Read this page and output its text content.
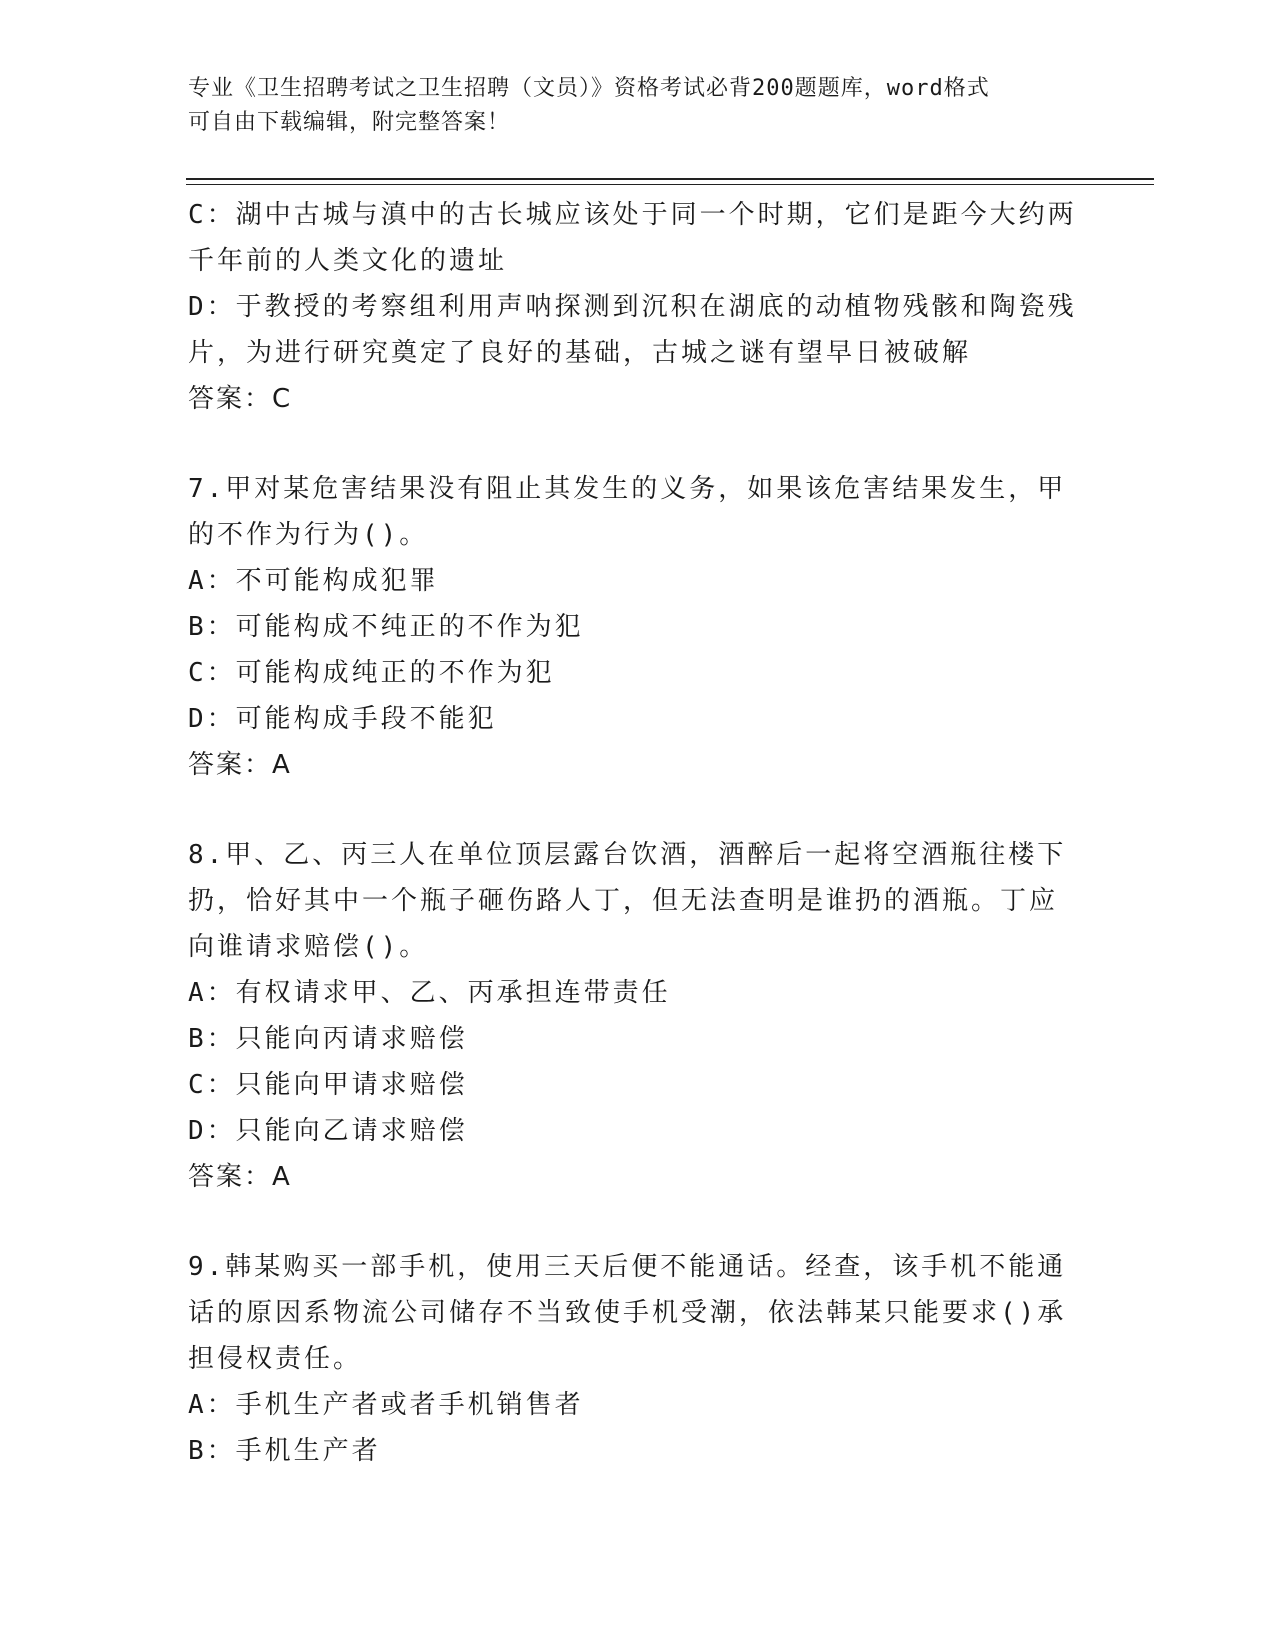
专业《卫生招聘考试之卫生招聘（文员）》资格考试必背200题题库，word格式
可自由下载编辑，附完整答案！
C：湖中古城与滇中的古长城应该处于同一个时期，它们是距今大约两
千年前的人类文化的遗址
D：于教授的考察组利用声呐探测到沉积在湖底的动植物残骸和陶瓷残
片，为进行研究奠定了良好的基础，古城之谜有望早日被破解
答案：C
7.甲对某危害结果没有阻止其发生的义务，如果该危害结果发生，甲
的不作为行为()。
A：不可能构成犯罪
B：可能构成不纯正的不作为犯
C：可能构成纯正的不作为犯
D：可能构成手段不能犯
答案：A
8.甲、乙、丙三人在单位顶层露台饮酒，酒醉后一起将空酒瓶往楼下
扔，恰好其中一个瓶子砸伤路人丁，但无法查明是谁扔的酒瓶。丁应
向谁请求赔偿()。
A：有权请求甲、乙、丙承担连带责任
B：只能向丙请求赔偿
C：只能向甲请求赔偿
D：只能向乙请求赔偿
答案：A
9.韩某购买一部手机，使用三天后便不能通话。经查，该手机不能通
话的原因系物流公司储存不当致使手机受潮，依法韩某只能要求()承
担侵权责任。
A：手机生产者或者手机销售者
B：手机生产者
